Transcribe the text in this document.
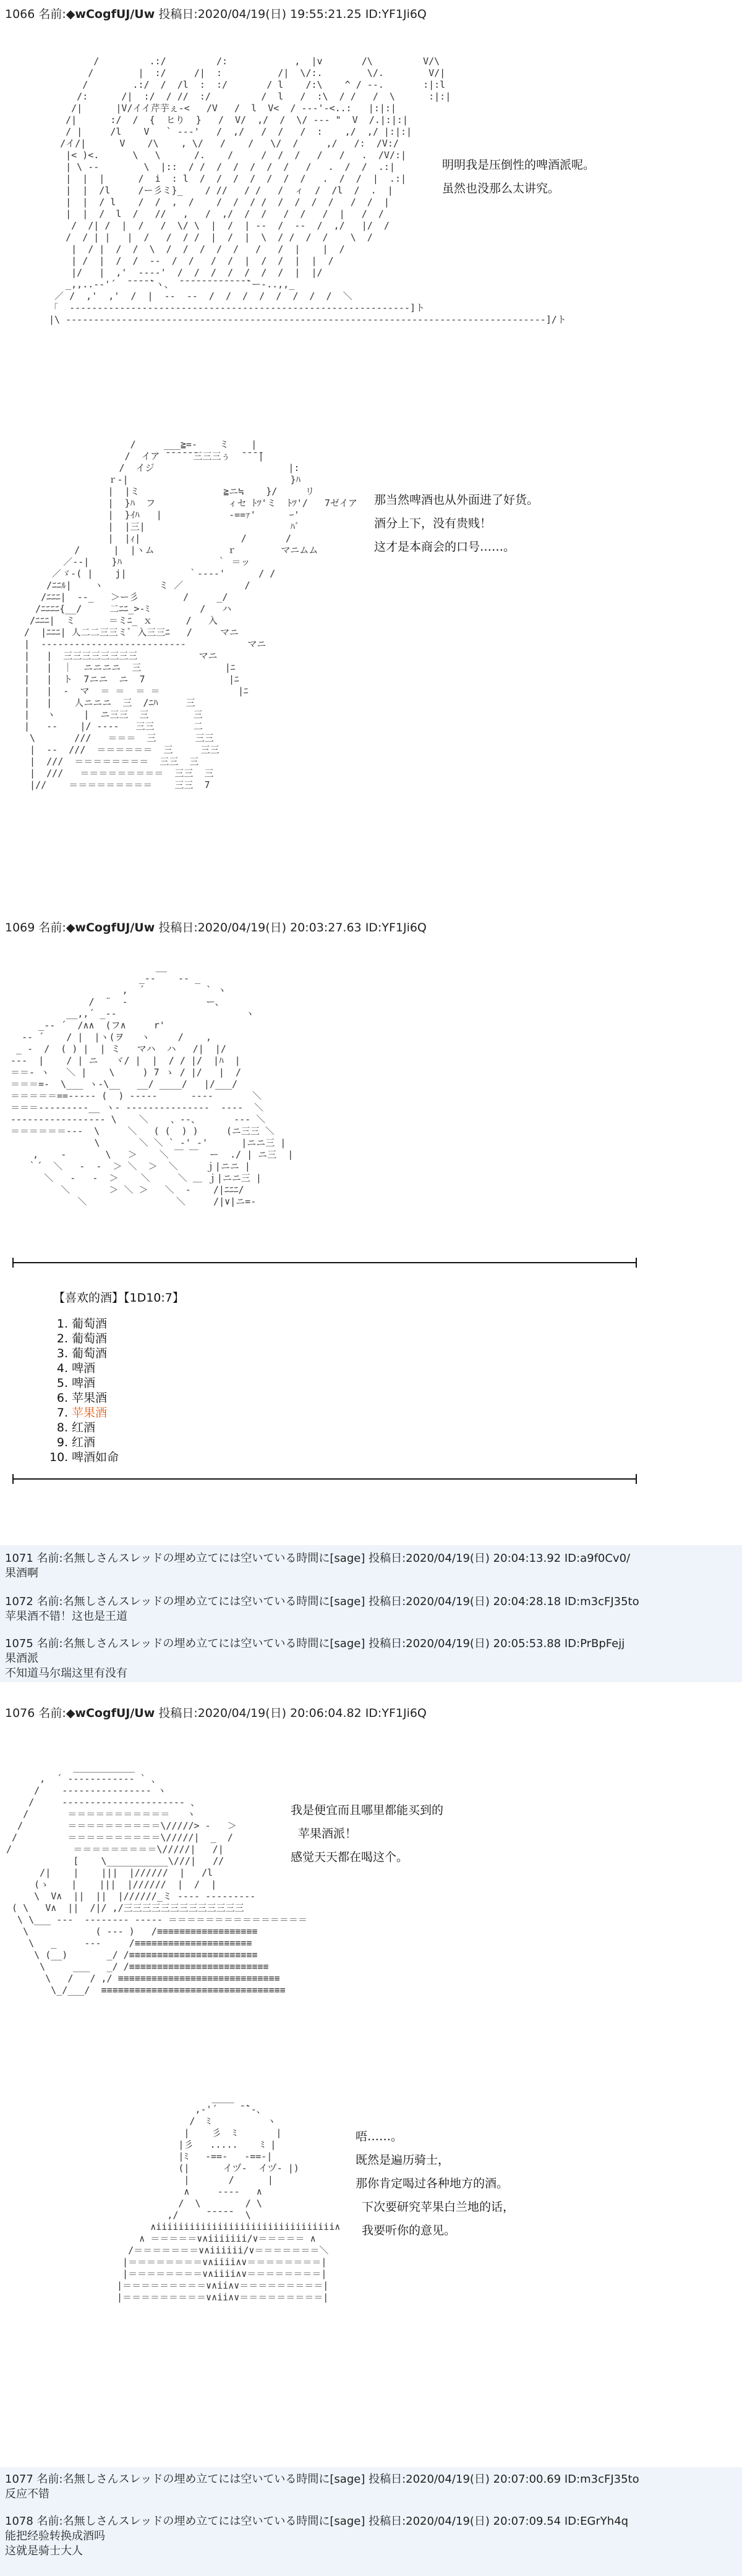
1066 名前:◆wCogfUJ/Uw 投稿日:2020/04/19(日) 19:55:21.25 ID:YF1Ji6Q
/         .:/         /:            ,  |v       /\         V/\
/        |  :/     /|  :          /|  \/:.        \/.        V/|
/        .:/  /  /l  :  :/       / l    /:\    ^ / ‐-.       :|:l
/:      /|  :/  / //  :/         /  l   /  :\  / /   /  \      :|:|
/|      |V/イイ芹芋ぇ‐<   /V   /  l  V<  / ‐-‐'-<..:   |:|:|
/|      :/  /  {  ヒり  }   /  V/  ,/  /  \/ ‐-‐ "  V  /.|:|:|
/ |     /l    V   ` ‐-‐'   /  ,/   /  /   /  :    ,/  ,/ |:|:|
/イ/|      V    /\    , \/   /    /   \/  /     ,/   /:  /V:/
|< )<.      \   \      /.    /     /  /  /   /   /   .  /V/:|
| \ ‐-        \  |::  / /  /  /  /  /  /   /   .  /  /  .:|
|  |  |      /  i  : l  /  /  /  /  /  /  /   .  /  /  |  .:|
|  |  /l     /ー彡ミ}_    / //   / /   /  ィ  /  /l  /  .  |
|  |  / l    /  /  ,  /    /  /  / /  /  /  /  /   /  /  |
|  |  /  l  /   //   ,   /  ,/  /  /   /  /   /  |   /  /
/  /| /  |  /   /  \/ \  |  /  | ‐-  /  ‐-  /  ,/   |/  /
/  / | |   |  /   /  / /  |  /  |  \  / /  /  /    \  /
|  / |  /  /  \  /  /  /  /  /   /   /  |    |  /
| /  |  /  /  ‐-  /  /   /  /  |  /  /  |  |  /
|/   |  ,'  ‐-‐‐'  /  /  /  /  /  /  /  |  |/
_,,..-‐'´  ̄ ̄ ̄ ̄ ̄`ヽ、 ̄ ̄ ̄ ̄ ̄ ̄ ̄ ̄ ̄ ̄ ̄ ̄ ̄`ー-..,,_
／ /  ,'  ,'  /  |  ‐-  ‐-  /  /  /  /  /  /  /  /  ＼
「  ‐---‐‐‐‐‐‐‐‐‐‐‐‐‐‐‐‐‐‐‐‐‐‐‐‐‐‐‐‐‐‐‐‐‐‐‐‐‐‐‐‐‐‐‐‐‐‐‐‐‐‐‐‐‐‐‐‐‐]ト
|\ ‐‐‐‐‐‐‐‐‐‐‐‐‐‐‐‐‐‐‐‐‐‐‐‐‐‐‐‐‐‐‐‐‐‐‐‐‐‐‐‐‐‐‐‐‐‐‐‐‐‐‐‐‐‐‐‐‐‐‐‐‐‐‐‐‐‐‐‐‐‐‐‐‐‐‐‐‐‐‐‐‐‐‐‐‐‐]/ト

明明我是压倒性的啤酒派呢。
虽然也没那么太讲究。
/     ___≧=-    ミ    |
/  イア ̄ ̄ ̄ ̄ ̄ ̄三三三ぅ  ̄ ̄ ̄ ̄|
/  イジ                        |:
ｒ-|                             }ﾊ
|  |ミ               ≧ニ≒    }/     リ
|  }ﾊ  フ             ィセ ﾄﾂ'ミ  ﾄﾂ'/   7ゼイア
|  }ｲﾊ   |            ‐==ｧ'      ｰ'
|  |三|                          ﾊﾞ
|  |ｨ|                  /       /
/      |  |ヽム             ｒ        マニムム
／‐‐|    }ﾊ                 ｀ ＝ッ
／ゞ-( |    j|           ｀‐-‐‐'      / /
/ﾆﾆﾙ|    ヽ          ミ ／           /
/ﾆﾆﾆ|  ‐-_   ＞ー彡        /     _/
/ﾆﾆﾆﾆ{__/     二ﾆﾆ_>‐ﾐ         /   ハ
/ﾆﾆﾆ|  ミ      ＝ミﾆ_ ｘ      /   入
/  |ﾆﾆﾆ| 人二二三三ミﾞ 入三三ﾆ   /     マニ
|  ‐‐‐‐‐‐‐‐‐‐‐‐‐‐‐‐‐‐‐‐‐‐‐‐‐‐           マニ
|   |  三三三三三三三三           マニ
|   |  ｜  ニニニニ  三               |ﾆ
|   |  ト  7ニニ  ニ  7               |ﾆ
|   |  ‐  マ  ＝ ＝  ＝ ＝              |ﾆ
|   |    人ニニニ  三  /ﾆﾊ     三
|   ヽ     |  ニ三三  三        三
|   ‐-    |/ ‐‐‐‐   三三       二
\       ///   ＝＝＝  三       三三
|  ‐-  ///  ＝＝＝＝＝＝  三     三三
|  ///  ＝＝＝＝＝＝＝＝  三三  三
|  ///   ＝＝＝＝＝＝＝＝＝  三三  三
|//    ＝＝＝＝＝＝＝＝＝    三三  7

那当然啤酒也从外面进了好货。
酒分上下，没有贵贱！
这才是本商会的口号……。
1069 名前:◆wCogfUJ/Uw 投稿日:2020/04/19(日) 20:03:27.63 ID:YF1Ji6Q
__
_-‐    ‐- _
,  ´           ` ヽ
/  ¨  ‐              ー、
__,,´ _-‐                       ヽ
_-‐ ´  /∧∧  (フ∧     r'
‐- ´    / |  |ヽ(ヲ   ヽ     /    ,
_ -  /  ( ) |  | ミ   マハ  ハ   /|  |/
‐‐‐  |    / | ニ   ヾ/ |  |  / / |/  |ﾊ  |
＝＝‐ ヽ   ＼ |    \     ) 7 ゝ / |/   |  /
＝＝＝=-  \___ ヽ-\__   __/ ____/   |/___/
＝＝＝＝＝==‐‐‐‐‐ (  ) ‐‐‐‐‐      ‐‐‐‐       ＼
＝＝＝‐-‐‐‐‐‐‐-__ ヽ‐ ‐‐‐‐‐‐‐‐‐‐‐‐‐‐‐  ‐‐‐‐  ＼
‐‐‐‐‐‐‐‐‐‐‐‐‐‐‐‐‐ \    ＼    、‐-、      ‐‐‐ ＼
＝＝＝＝＝＝‐‐‐  \     ＼   ( (  ) )     (ニ三三 ＼
\       ＼ ＼ ` ‐' ‐'      |ニニ三 |
,    ‐       \   ＞    ＼ ￣ ￣  ー  ./ | ニ三  |
｀´  ＼   ‐  ‐  ＞ ＼  ＞  ＼     ｊ|ニニ |
＼   ‐   ‐  ＞    ＼     ＼ ＿ ｊ|ニニ三 |
＼       ＞ ＼ ＞   ＼  ‐    /|ﾆﾆﾆ/
＼                ＼     /|∨|ニ=-

【喜欢的酒】【1D10:7】
1. 葡萄酒
2. 葡萄酒
3. 葡萄酒
4. 啤酒
5. 啤酒
6. 苹果酒
7. 苹果酒
8. 红酒
9. 红酒
10. 啤酒如命
1071 名前:名無しさんスレッドの埋め立てには空いている時間に[sage] 投稿日:2020/04/19(日) 20:04:13.92 ID:a9f0Cv0/
果酒啊
1072 名前:名無しさんスレッドの埋め立てには空いている時間に[sage] 投稿日:2020/04/19(日) 20:04:28.18 ID:m3cFJ35to
苹果酒不错！这也是王道
1075 名前:名無しさんスレッドの埋め立てには空いている時間に[sage] 投稿日:2020/04/19(日) 20:05:53.88 ID:PrBpFejj
果酒派
不知道马尔瑞这里有没有
1076 名前:◆wCogfUJ/Uw 投稿日:2020/04/19(日) 20:06:04.82 ID:YF1Ji6Q
___________
,  ´ ‐‐‐‐‐‐‐‐‐‐‐‐ ` 、
/    ‐‐‐‐‐‐‐‐‐‐‐‐‐‐‐‐ ヽ
/     ‐‐‐‐‐‐‐‐‐‐‐‐‐‐‐‐‐‐‐‐‐‐ 、
/       ＝＝＝＝＝＝＝＝＝＝＝   ヽ
/        ＝＝＝＝＝＝＝＝＝＝\/////> ‐   ＞
/         ＝＝＝＝＝＝＝＝＝＝\/////|  _  /
/           ＝＝＝＝＝＝＝＝＝\/////|   /|
[    \___________\///|   //
/|    |    |||  |//////  |   /l
(ゝ    |    |||  |//////  |  /  |
\  V∧  ||  ||  |//////_ミ ‐‐‐‐ ‐‐‐‐‐‐‐‐‐
( \   V∧  ||  /|/ ,/三三三三三三三三三三三三三
\ \___ ‐‐‐  ‐‐‐‐‐‐‐‐ ‐‐‐‐‐ ＝＝＝＝＝＝＝＝＝＝＝＝＝＝＝
\            ( ‐‐‐ )   /≡≡≡≡≡≡≡≡≡≡≡≡≡≡≡≡≡≡
\   _     ‐‐‐     /≡≡≡≡≡≡≡≡≡≡≡≡≡≡≡≡≡≡≡≡≡
\ (__)       _/ /≡≡≡≡≡≡≡≡≡≡≡≡≡≡≡≡≡≡≡≡≡≡≡
\     ___   _/ /≡≡≡≡≡≡≡≡≡≡≡≡≡≡≡≡≡≡≡≡≡≡≡≡≡
\   /   / ,/ ≡≡≡≡≡≡≡≡≡≡≡≡≡≡≡≡≡≡≡≡≡≡≡≡≡≡≡≡≡
\_/___/  ≡≡≡≡≡≡≡≡≡≡≡≡≡≡≡≡≡≡≡≡≡≡≡≡≡≡≡≡≡≡≡≡≡

我是便宜而且哪里都能买到的
苹果酒派！
感觉天天都在喝这个。
____
,‐'´    ̄ ̄`‐、
/  ﾐ          ヽ
|    彡  ﾐ       |
|彡   .....    ﾐ |
|ﾐ   ‐==‐   ‐==‐|
(|      イヅ‐  イヅ‐ |)
|       /      |
∧     ‐‐‐‐   ∧
/  \        / \
,/     ̄ ̄ ̄ ̄ ̄   \
∧iiiiiiiiiiiiiiiiiiiiiiiiiiiiiiii∧
∧ ＝＝＝＝＝∨∧iiiiiii/∨＝＝＝＝＝ ∧
/＝＝＝＝＝＝＝∨∧iiiiii/∨＝＝＝＝＝＝＝＼
|＝＝＝＝＝＝＝＝∨∧iiii∧∨＝＝＝＝＝＝＝＝|
|＝＝＝＝＝＝＝＝∨∧iiii∧∨＝＝＝＝＝＝＝＝|
|＝＝＝＝＝＝＝＝＝∨∧ii∧∨＝＝＝＝＝＝＝＝＝|
|＝＝＝＝＝＝＝＝＝∨∧ii∧∨＝＝＝＝＝＝＝＝＝|

唔……。
既然是遍历骑士，
那你肯定喝过各种地方的酒。
下次要研究苹果白兰地的话，
我要听你的意见。
1077 名前:名無しさんスレッドの埋め立てには空いている時間に[sage] 投稿日:2020/04/19(日) 20:07:00.69 ID:m3cFJ35to
反应不错
1078 名前:名無しさんスレッドの埋め立てには空いている時間に[sage] 投稿日:2020/04/19(日) 20:07:09.54 ID:EGrYh4q
能把经验转换成酒吗
这就是骑士大人
